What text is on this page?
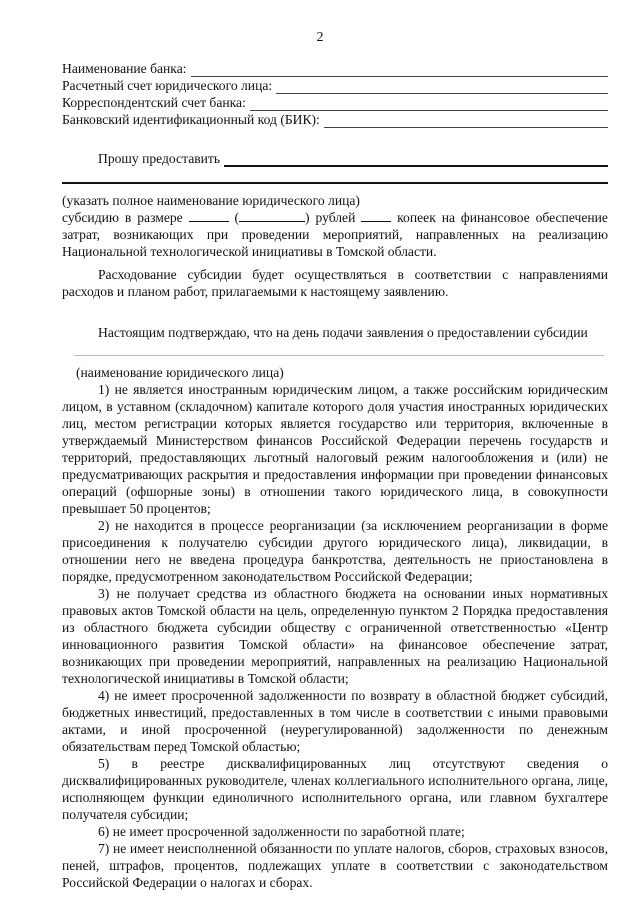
2
Наименование банка:
Расчетный счет юридического лица:
Корреспондентский счет банка:
Банковский идентификационный код (БИК):
Прошу предоставить

(указать полное наименование юридического лица)

субсидию в размере	(	) рублей	копеек на финансовое обеспечение затрат, возникающих при проведении мероприятий, направленных на реализацию Национальной технологической инициативы в Томской области.

Расходование субсидии будет осуществляться в соответствии с направлениями расходов и планом работ, прилагаемыми к настоящему заявлению.

Настоящим подтверждаю, что на день подачи заявления о предоставлении субсидии

(наименование юридического лица)

1) не является иностранным юридическим лицом, а также российским юридическим лицом, в уставном (складочном) капитале которого доля участия иностранных юридических лиц, местом регистрации которых является государство или территория, включенные в утверждаемый Министерством финансов Российской Федерации перечень государств и территорий, предоставляющих льготный налоговый режим налогообложения и (или) не предусматривающих раскрытия и предоставления информации при проведении финансовых операций (офшорные зоны) в отношении такого юридического лица, в совокупности превышает 50 процентов;

2) не находится в процессе реорганизации (за исключением реорганизации в форме присоединения к получателю субсидии другого юридического лица), ликвидации, в отношении него не введена процедура банкротства, деятельность не приостановлена в порядке, предусмотренном законодательством Российской Федерации;

3) не получает средства из областного бюджета на основании иных нормативных правовых актов Томской области на цель, определенную пунктом 2 Порядка предоставления из областного бюджета субсидии обществу с ограниченной ответственностью «Центр инновационного развития Томской области» на финансовое обеспечение затрат, возникающих при проведении мероприятий, направленных на реализацию Национальной технологической инициативы в Томской области;

4) не имеет просроченной задолженности по возврату в областной бюджет субсидий, бюджетных инвестиций, предоставленных в том числе в соответствии с иными правовыми актами, и иной просроченной (неурегулированной) задолженности по денежным обязательствам перед Томской областью;

5) в реестре дисквалифицированных лиц отсутствуют сведения о дисквалифицированных руководителе, членах коллегиального исполнительного органа, лице, исполняющем функции единоличного исполнительного органа, или главном бухгалтере получателя субсидии;

6) не имеет просроченной задолженности по заработной плате;

7) не имеет неисполненной обязанности по уплате налогов, сборов, страховых взносов, пеней, штрафов, процентов, подлежащих уплате в соответствии с законодательством Российской Федерации о налогах и сборах.
